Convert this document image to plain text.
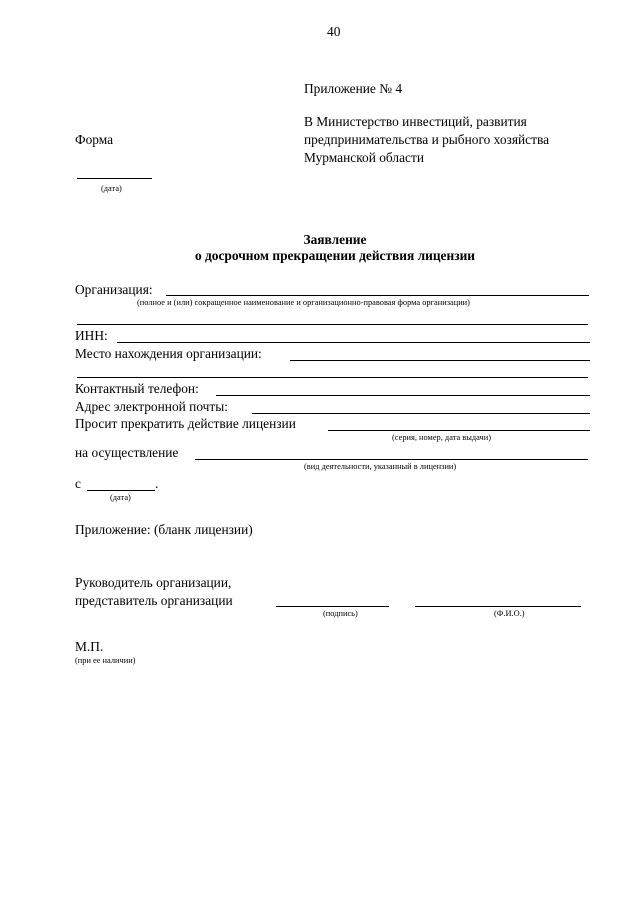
40
Приложение № 4
В Министерство инвестиций, развития
предпринимательства и рыбного хозяйства
Мурманской области
Форма
(дата)
Заявление
о досрочном прекращении действия лицензии
Организация:
(полное и (или) сокращенное наименование и организационно-правовая форма организации)
ИНН:
Место нахождения организации:
Контактный телефон:
Адрес электронной почты:
Просит прекратить действие лицензии
(серия, номер, дата выдачи)
на осуществление
(вид деятельности, указанный в лицензии)
с	.
(дата)
Приложение: (бланк лицензии)
Руководитель организации,
представитель организации
(подпись)	(Ф.И.О.)
М.П.
(при ее наличии)
